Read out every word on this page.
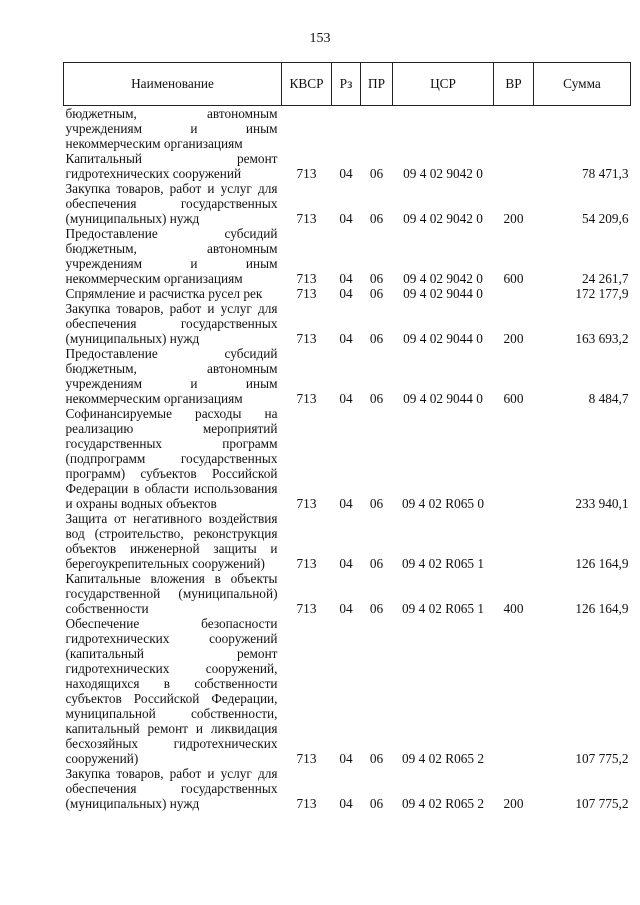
153
Наименование	КВСР	Рз	ПР	ЦСР	ВР	Сумма
бюджетным, автономным учреждениям и иным некоммерческим организациям						
Капитальный ремонт гидротехнических сооружений	713	04	06	09 4 02 9042 0		78 471,3
Закупка товаров, работ и услуг для обеспечения государственных (муниципальных) нужд	713	04	06	09 4 02 9042 0	200	54 209,6
Предоставление субсидий бюджетным, автономным учреждениям и иным некоммерческим организациям	713	04	06	09 4 02 9042 0	600	24 261,7
Спрямление и расчистка русел рек	713	04	06	09 4 02 9044 0		172 177,9
Закупка товаров, работ и услуг для обеспечения государственных (муниципальных) нужд	713	04	06	09 4 02 9044 0	200	163 693,2
Предоставление субсидий бюджетным, автономным учреждениям и иным некоммерческим организациям	713	04	06	09 4 02 9044 0	600	8 484,7
Софинансируемые расходы на реализацию мероприятий государственных программ (подпрограмм государственных программ) субъектов Российской Федерации в области использования и охраны водных объектов	713	04	06	09 4 02 R065 0		233 940,1
Защита от негативного воздействия вод (строительство, реконструкция объектов инженерной защиты и берегоукрепительных сооружений)	713	04	06	09 4 02 R065 1		126 164,9
Капитальные вложения в объекты государственной (муниципальной) собственности	713	04	06	09 4 02 R065 1	400	126 164,9
Обеспечение безопасности гидротехнических сооружений (капитальный ремонт гидротехнических сооружений, находящихся в собственности субъектов Российской Федерации, муниципальной собственности, капитальный ремонт и ликвидация бесхозяйных гидротехнических сооружений)	713	04	06	09 4 02 R065 2		107 775,2
Закупка товаров, работ и услуг для обеспечения государственных (муниципальных) нужд	713	04	06	09 4 02 R065 2	200	107 775,2
